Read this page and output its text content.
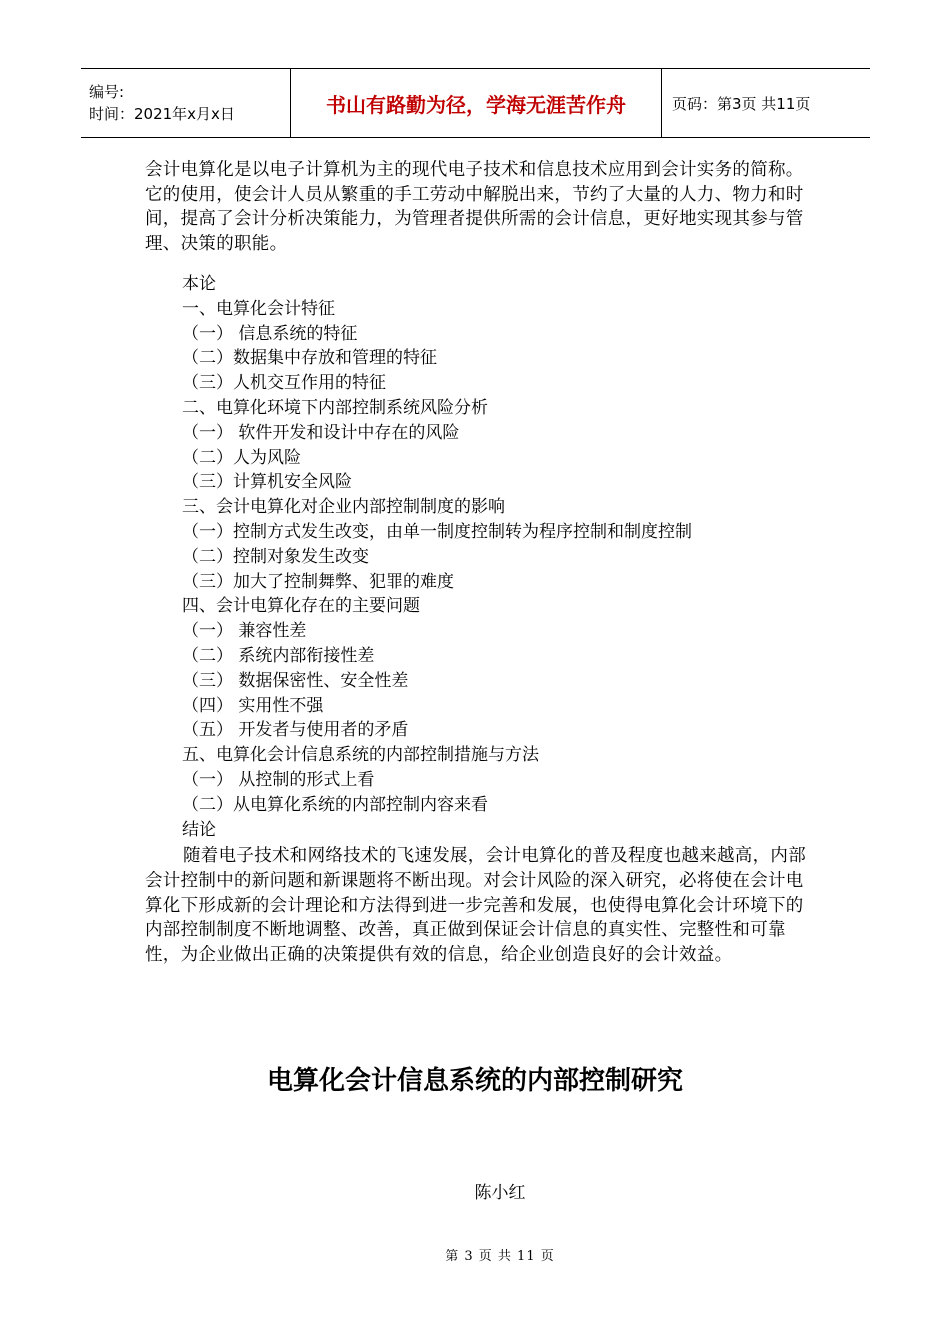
编号:
时间：2021年x月x日	书山有路勤为径，学海无涯苦作舟	页码：第3页 共11页

会计电算化是以电子计算机为主的现代电子技术和信息技术应用到会计实务的简称。它的使用，使会计人员从繁重的手工劳动中解脱出来，节约了大量的人力、物力和时间，提高了会计分析决策能力，为管理者提供所需的会计信息，更好地实现其参与管理、决策的职能。

本论
一、电算化会计特征
（一） 信息系统的特征
（二）数据集中存放和管理的特征
（三）人机交互作用的特征
二、电算化环境下内部控制系统风险分析
（一） 软件开发和设计中存在的风险
（二）人为风险
（三）计算机安全风险
三、会计电算化对企业内部控制制度的影响
（一）控制方式发生改变，由单一制度控制转为程序控制和制度控制
（二）控制对象发生改变
（三）加大了控制舞弊、犯罪的难度
四、会计电算化存在的主要问题
（一） 兼容性差
（二） 系统内部衔接性差
（三） 数据保密性、安全性差
（四） 实用性不强
（五） 开发者与使用者的矛盾
五、电算化会计信息系统的内部控制措施与方法
（一） 从控制的形式上看
（二）从电算化系统的内部控制内容来看
结论

随着电子技术和网络技术的飞速发展，会计电算化的普及程度也越来越高，内部会计控制中的新问题和新课题将不断出现。对会计风险的深入研究，必将使在会计电算化下形成新的会计理论和方法得到进一步完善和发展，也使得电算化会计环境下的内部控制制度不断地调整、改善，真正做到保证会计信息的真实性、完整性和可靠性，为企业做出正确的决策提供有效的信息，给企业创造良好的会计效益。

电算化会计信息系统的内部控制研究
陈小红
第 3 页 共 11 页
